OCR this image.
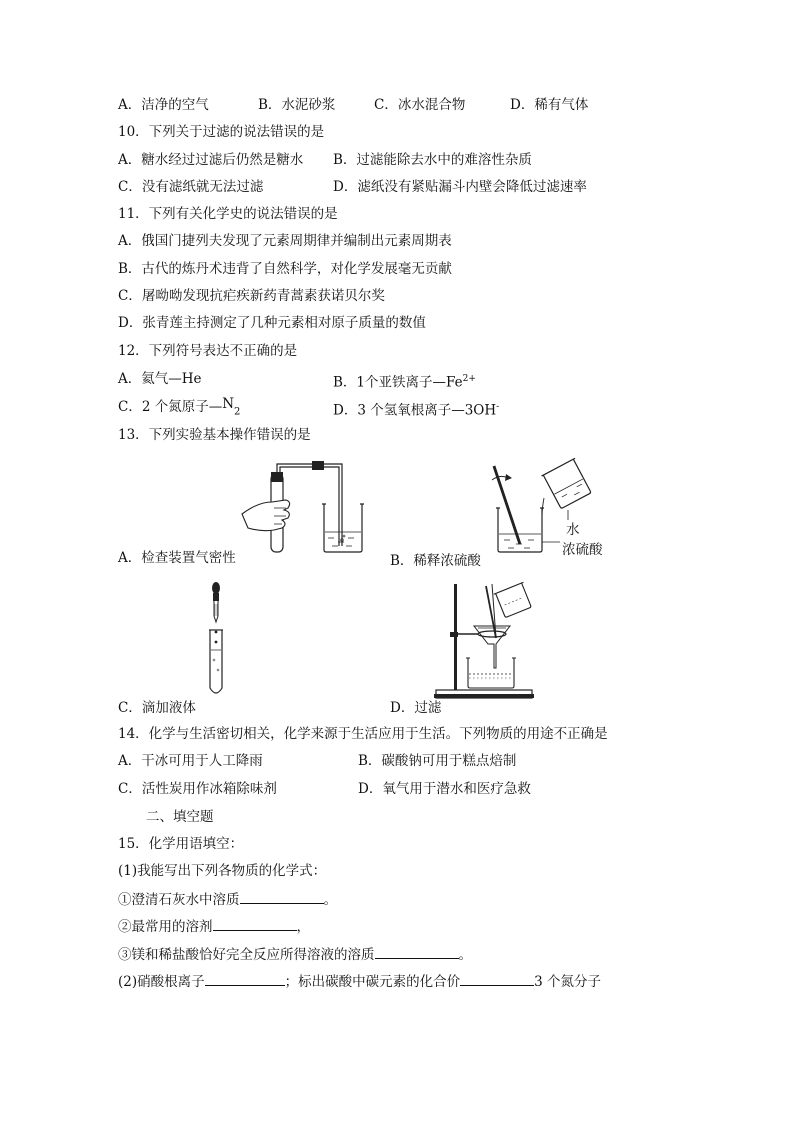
A．洁净的空气	B．水泥砂浆	C．冰水混合物	D．稀有气体
10．下列关于过滤的说法错误的是
A．糖水经过过滤后仍然是糖水 B．过滤能除去水中的难溶性杂质
C．没有滤纸就无法过滤	D．滤纸没有紧贴漏斗内壁会降低过滤速率
11．下列有关化学史的说法错误的是
A．俄国门捷列夫发现了元素周期律并编制出元素周期表
B．古代的炼丹术违背了自然科学，对化学发展毫无贡献
C．屠呦呦发现抗疟疾新药青蒿素获诺贝尔奖
D．张青莲主持测定了几种元素相对原子质量的数值
12．下列符号表达不正确的是
A．氦气—He	B．1个亚铁离子$—Fe^{2+}$
C．2 个氮原子$—N_2$	D．3 个氢氧根离子—3OH-
13．下列实验基本操作错误的是
A．检查装置气密性
水
浓硫酸
B．稀释浓硫酸
C．滴加液体	D．过滤
14．化学与生活密切相关，化学来源于生活应用于生活。下列物质的用途不正确是
A．干冰可用于人工降雨	B．碳酸钠可用于糕点焙制
C．活性炭用作冰箱除味剂	D．氧气用于潜水和医疗急救
二、填空题
15．化学用语填空：
(1)我能写出下列各物质的化学式：
①澄清石灰水中溶质	。
②最常用的溶剂	，
③镁和稀盐酸恰好完全反应所得溶液的溶质	。
(2)硝酸根离子	；标出碳酸中碳元素的化合价	3 个氮分子
